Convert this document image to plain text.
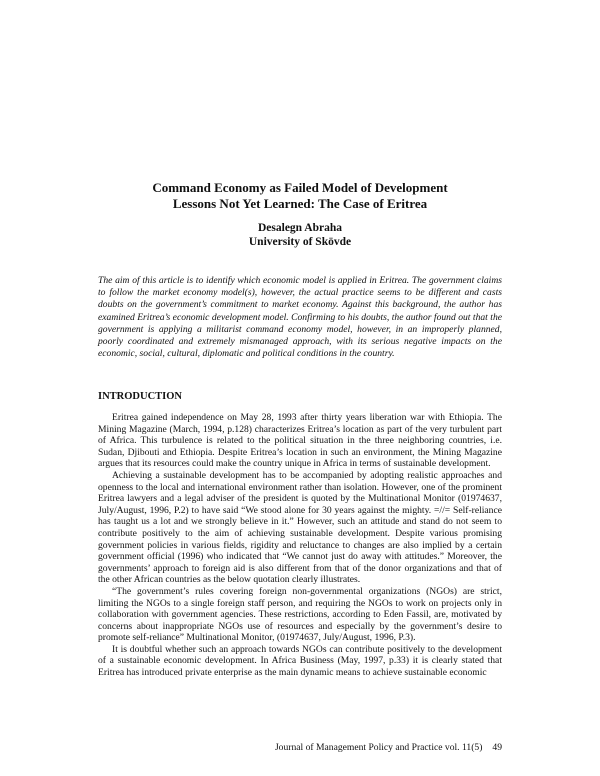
Command Economy as Failed Model of Development
Lessons Not Yet Learned: The Case of Eritrea
Desalegn Abraha
University of Skövde

The aim of this article is to identify which economic model is applied in Eritrea. The government claims to follow the market economy model(s), however, the actual practice seems to be different and casts doubts on the government’s commitment to market economy. Against this background, the author has examined Eritrea’s economic development model. Confirming to his doubts, the author found out that the government is applying a militarist command economy model, however, in an improperly planned, poorly coordinated and extremely mismanaged approach, with its serious negative impacts on the economic, social, cultural, diplomatic and political conditions in the country.

INTRODUCTION

Eritrea gained independence on May 28, 1993 after thirty years liberation war with Ethiopia. The Mining Magazine (March, 1994, p.128) characterizes Eritrea’s location as part of the very turbulent part of Africa. This turbulence is related to the political situation in the three neighboring countries, i.e. Sudan, Djibouti and Ethiopia. Despite Eritrea’s location in such an environment, the Mining Magazine argues that its resources could make the country unique in Africa in terms of sustainable development.

Achieving a sustainable development has to be accompanied by adopting realistic approaches and openness to the local and international environment rather than isolation. However, one of the prominent Eritrea lawyers and a legal adviser of the president is quoted by the Multinational Monitor (01974637, July/August, 1996, P.2) to have said “We stood alone for 30 years against the mighty. =//= Self-reliance has taught us a lot and we strongly believe in it.” However, such an attitude and stand do not seem to contribute positively to the aim of achieving sustainable development. Despite various promising government policies in various fields, rigidity and reluctance to changes are also implied by a certain government official (1996) who indicated that “We cannot just do away with attitudes.” Moreover, the governments’ approach to foreign aid is also different from that of the donor organizations and that of the other African countries as the below quotation clearly illustrates.

“The government’s rules covering foreign non-governmental organizations (NGOs) are strict, limiting the NGOs to a single foreign staff person, and requiring the NGOs to work on projects only in collaboration with government agencies. These restrictions, according to Eden Fassil, are, motivated by concerns about inappropriate NGOs use of resources and especially by the government’s desire to promote self-reliance” Multinational Monitor, (01974637, July/August, 1996, P.3).

It is doubtful whether such an approach towards NGOs can contribute positively to the development of a sustainable economic development. In Africa Business (May, 1997, p.33) it is clearly stated that Eritrea has introduced private enterprise as the main dynamic means to achieve sustainable economic

Journal of Management Policy and Practice vol. 11(5) 49
